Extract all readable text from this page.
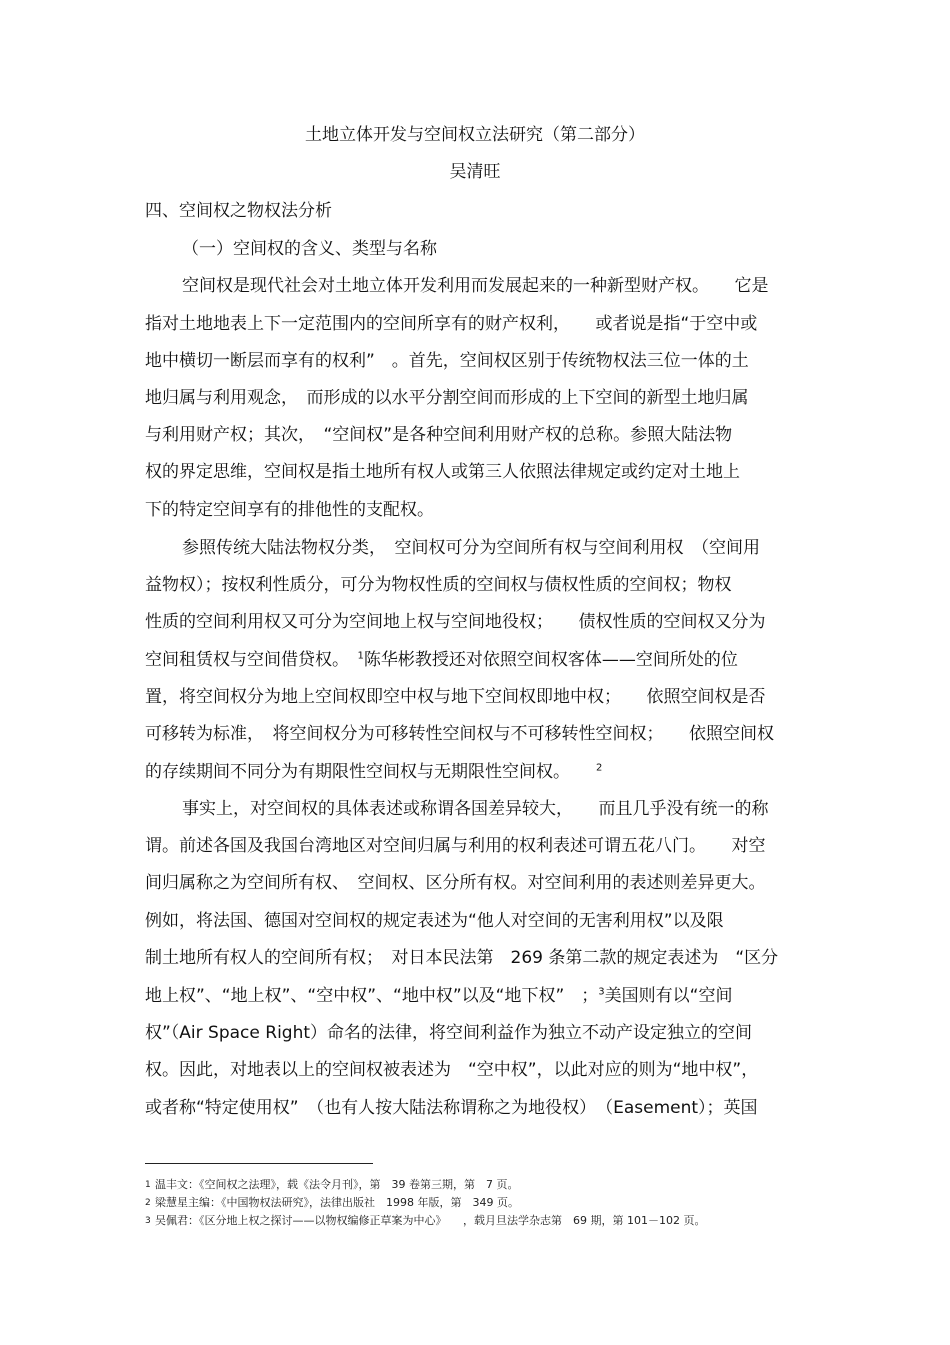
土地立体开发与空间权立法研究（第二部分）
吴清旺
四、空间权之物权法分析
（一）空间权的含义、类型与名称
空间权是现代社会对土地立体开发利用而发展起来的一种新型财产权。　　它是
指对土地地表上下一定范围内的空间所享有的财产权利，　　或者说是指“于空中或
地中横切一断层而享有的权利”　。首先，空间权区别于传统物权法三位一体的土
地归属与利用观念，　而形成的以水平分割空间而形成的上下空间的新型土地归属
与利用财产权；其次，　“空间权”是各种空间利用财产权的总称。参照大陆法物
权的界定思维，空间权是指土地所有权人或第三人依照法律规定或约定对土地上
下的特定空间享有的排他性的支配权。
参照传统大陆法物权分类，　空间权可分为空间所有权与空间利用权　（空间用
益物权）；按权利性质分，可分为物权性质的空间权与债权性质的空间权；物权
性质的空间利用权又可分为空间地上权与空间地役权；　　债权性质的空间权又分为
空间租赁权与空间借贷权。　$^1$陈华彬教授还对依照空间权客体——空间所处的位
置，将空间权分为地上空间权即空中权与地下空间权即地中权；　　依照空间权是否
可移转为标准，　将空间权分为可移转性空间权与不可移转性空间权；　　依照空间权
的存续期间不同分为有期限性空间权与无期限性空间权。	$^2$
事实上，对空间权的具体表述或称谓各国差异较大，　　而且几乎没有统一的称
谓。前述各国及我国台湾地区对空间归属与利用的权利表述可谓五花八门。　　对空
间归属称之为空间所有权、　空间权、区分所有权。对空间利用的表述则差异更大。
例如，将法国、德国对空间权的规定表述为“他人对空间的无害利用权”以及限
制土地所有权人的空间所有权；　对日本民法第　269 条第二款的规定表述为　“区分
地上权”、“地上权”、“空中权”、“地中权”以及“地下权”　；$^3$美国则有以“空间
权”（Air Space Right）命名的法律，将空间利益作为独立不动产设定独立的空间
权。因此，对地表以上的空间权被表述为　“空中权”，以此对应的则为“地中权”，
或者称“特定使用权”　（也有人按大陆法称谓称之为地役权）　（Easement）；英国
1 温丰文：《空间权之法理》，载《法令月刊》，第　39 卷第三期，第　7 页。
2 梁慧星主编：《中国物权法研究》，法律出版社　1998 年版，第　349 页。
3 吴佩君：《区分地上权之探讨——以物权编修正草案为中心》　　，载月旦法学杂志第　69 期，第 101－102 页。
